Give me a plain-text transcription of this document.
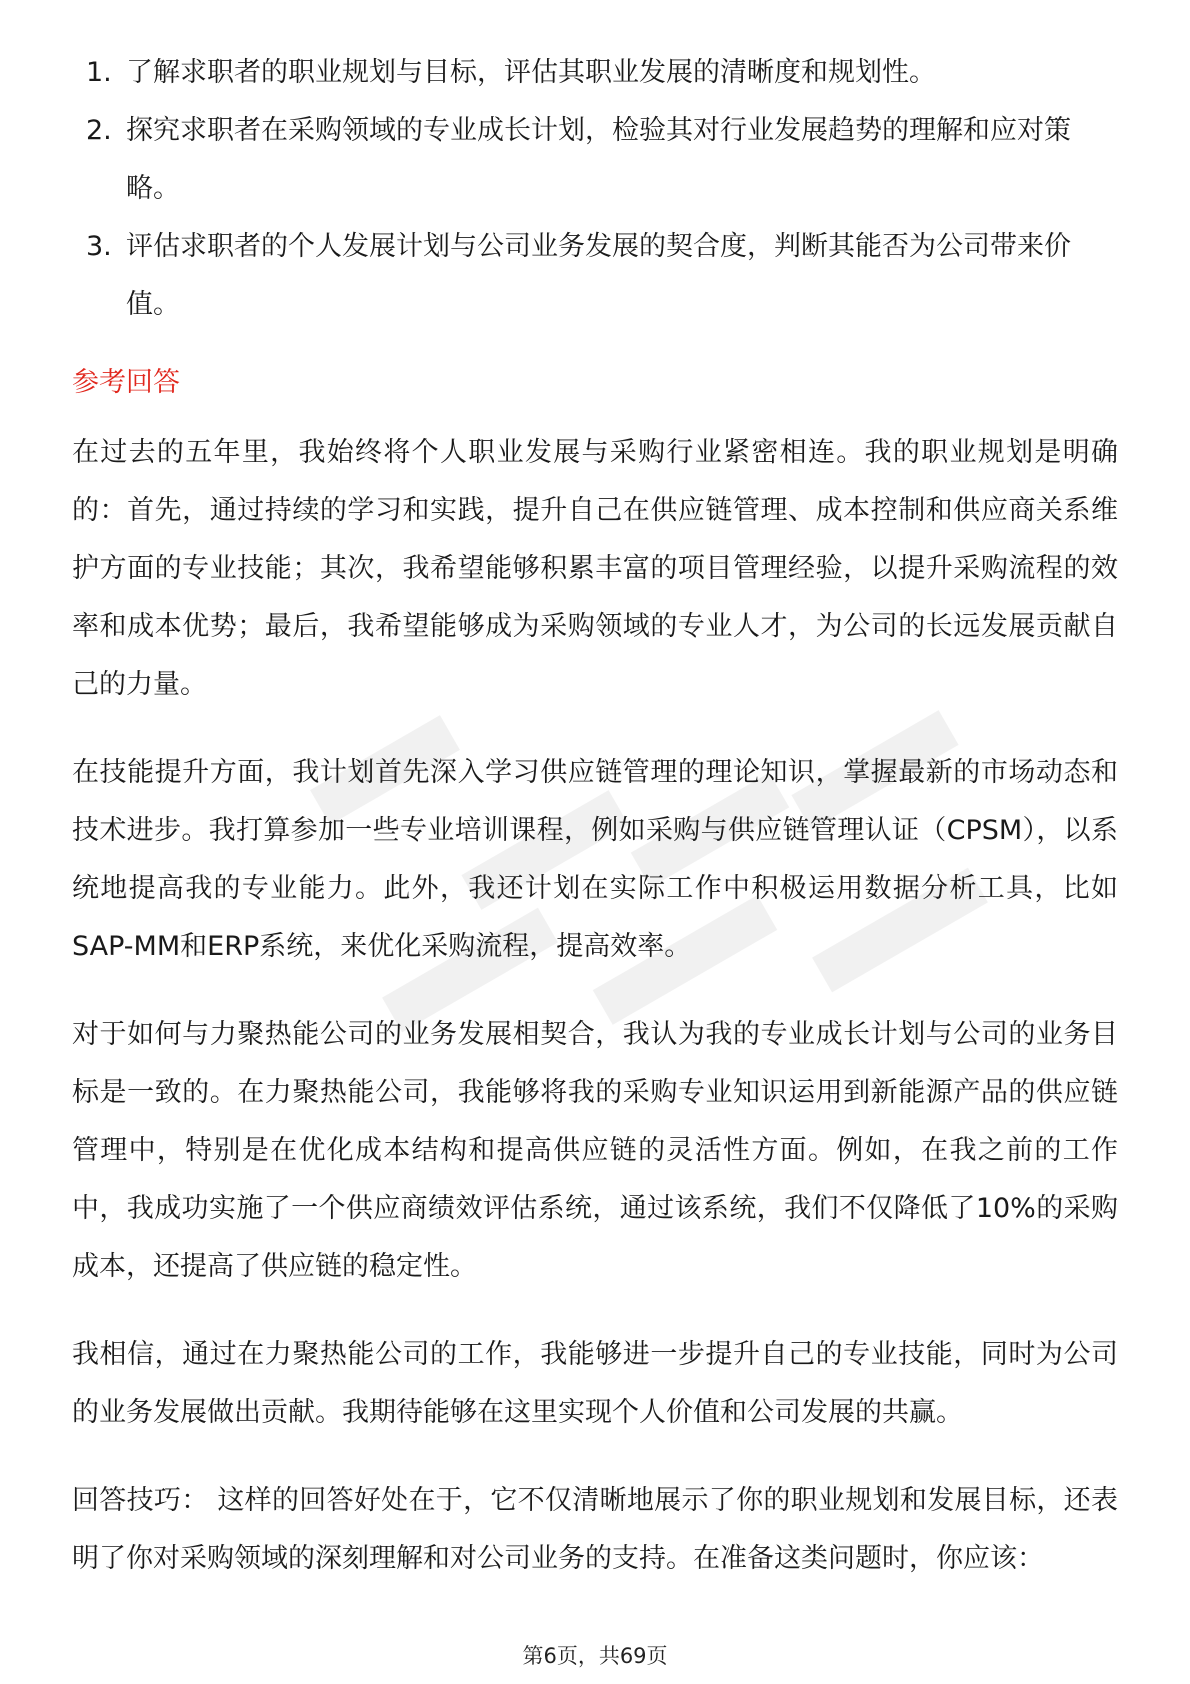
1. 了解求职者的职业规划与目标，评估其职业发展的清晰度和规划性。
2. 探究求职者在采购领域的专业成长计划，检验其对行业发展趋势的理解和应对策略。
3. 评估求职者的个人发展计划与公司业务发展的契合度，判断其能否为公司带来价值。
参考回答

在过去的五年里，我始终将个人职业发展与采购行业紧密相连。我的职业规划是明确的：首先，通过持续的学习和实践，提升自己在供应链管理、成本控制和供应商关系维护方面的专业技能；其次，我希望能够积累丰富的项目管理经验，以提升采购流程的效率和成本优势；最后，我希望能够成为采购领域的专业人才，为公司的长远发展贡献自己的力量。

在技能提升方面，我计划首先深入学习供应链管理的理论知识，掌握最新的市场动态和技术进步。我打算参加一些专业培训课程，例如采购与供应链管理认证（CPSM），以系统地提高我的专业能力。此外，我还计划在实际工作中积极运用数据分析工具，比如SAP-MM和ERP系统，来优化采购流程，提高效率。

对于如何与力聚热能公司的业务发展相契合，我认为我的专业成长计划与公司的业务目标是一致的。在力聚热能公司，我能够将我的采购专业知识运用到新能源产品的供应链管理中，特别是在优化成本结构和提高供应链的灵活性方面。例如，在我之前的工作中，我成功实施了一个供应商绩效评估系统，通过该系统，我们不仅降低了10%的采购成本，还提高了供应链的稳定性。

我相信，通过在力聚热能公司的工作，我能够进一步提升自己的专业技能，同时为公司的业务发展做出贡献。我期待能够在这里实现个人价值和公司发展的共赢。

回答技巧： 这样的回答好处在于，它不仅清晰地展示了你的职业规划和发展目标，还表明了你对采购领域的深刻理解和对公司业务的支持。在准备这类问题时，你应该：

第6页，共69页
